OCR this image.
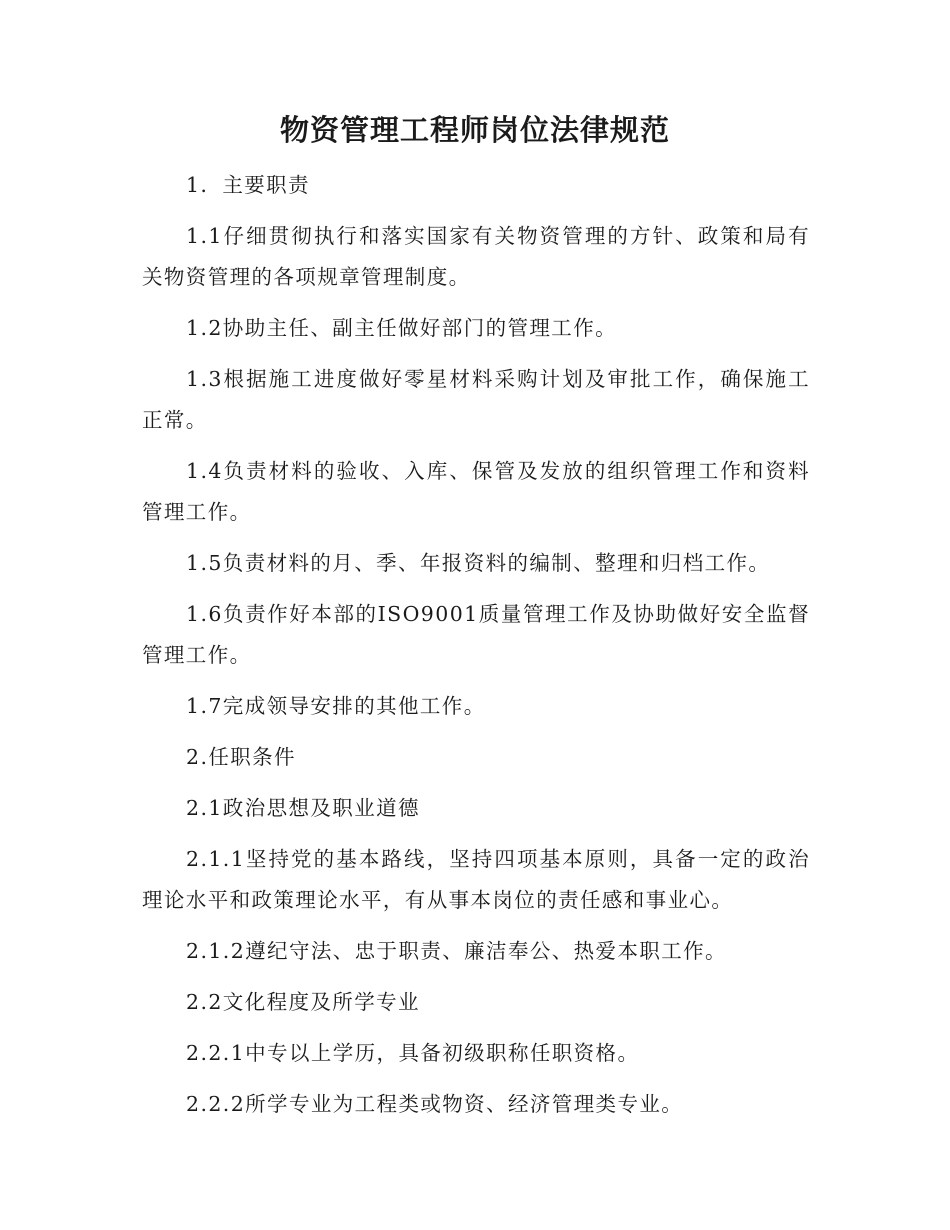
物资管理工程师岗位法律规范

1．主要职责

1.1仔细贯彻执行和落实国家有关物资管理的方针、政策和局有关物资管理的各项规章管理制度。

1.2协助主任、副主任做好部门的管理工作。

1.3根据施工进度做好零星材料采购计划及审批工作，确保施工正常。

1.4负责材料的验收、入库、保管及发放的组织管理工作和资料管理工作。

1.5负责材料的月、季、年报资料的编制、整理和归档工作。

1.6负责作好本部的ISO9001质量管理工作及协助做好安全监督管理工作。

1.7完成领导安排的其他工作。

2.任职条件

2.1政治思想及职业道德

2.1.1坚持党的基本路线，坚持四项基本原则，具备一定的政治理论水平和政策理论水平，有从事本岗位的责任感和事业心。

2.1.2遵纪守法、忠于职责、廉洁奉公、热爱本职工作。

2.2文化程度及所学专业

2.2.1中专以上学历，具备初级职称任职资格。

2.2.2所学专业为工程类或物资、经济管理类专业。
